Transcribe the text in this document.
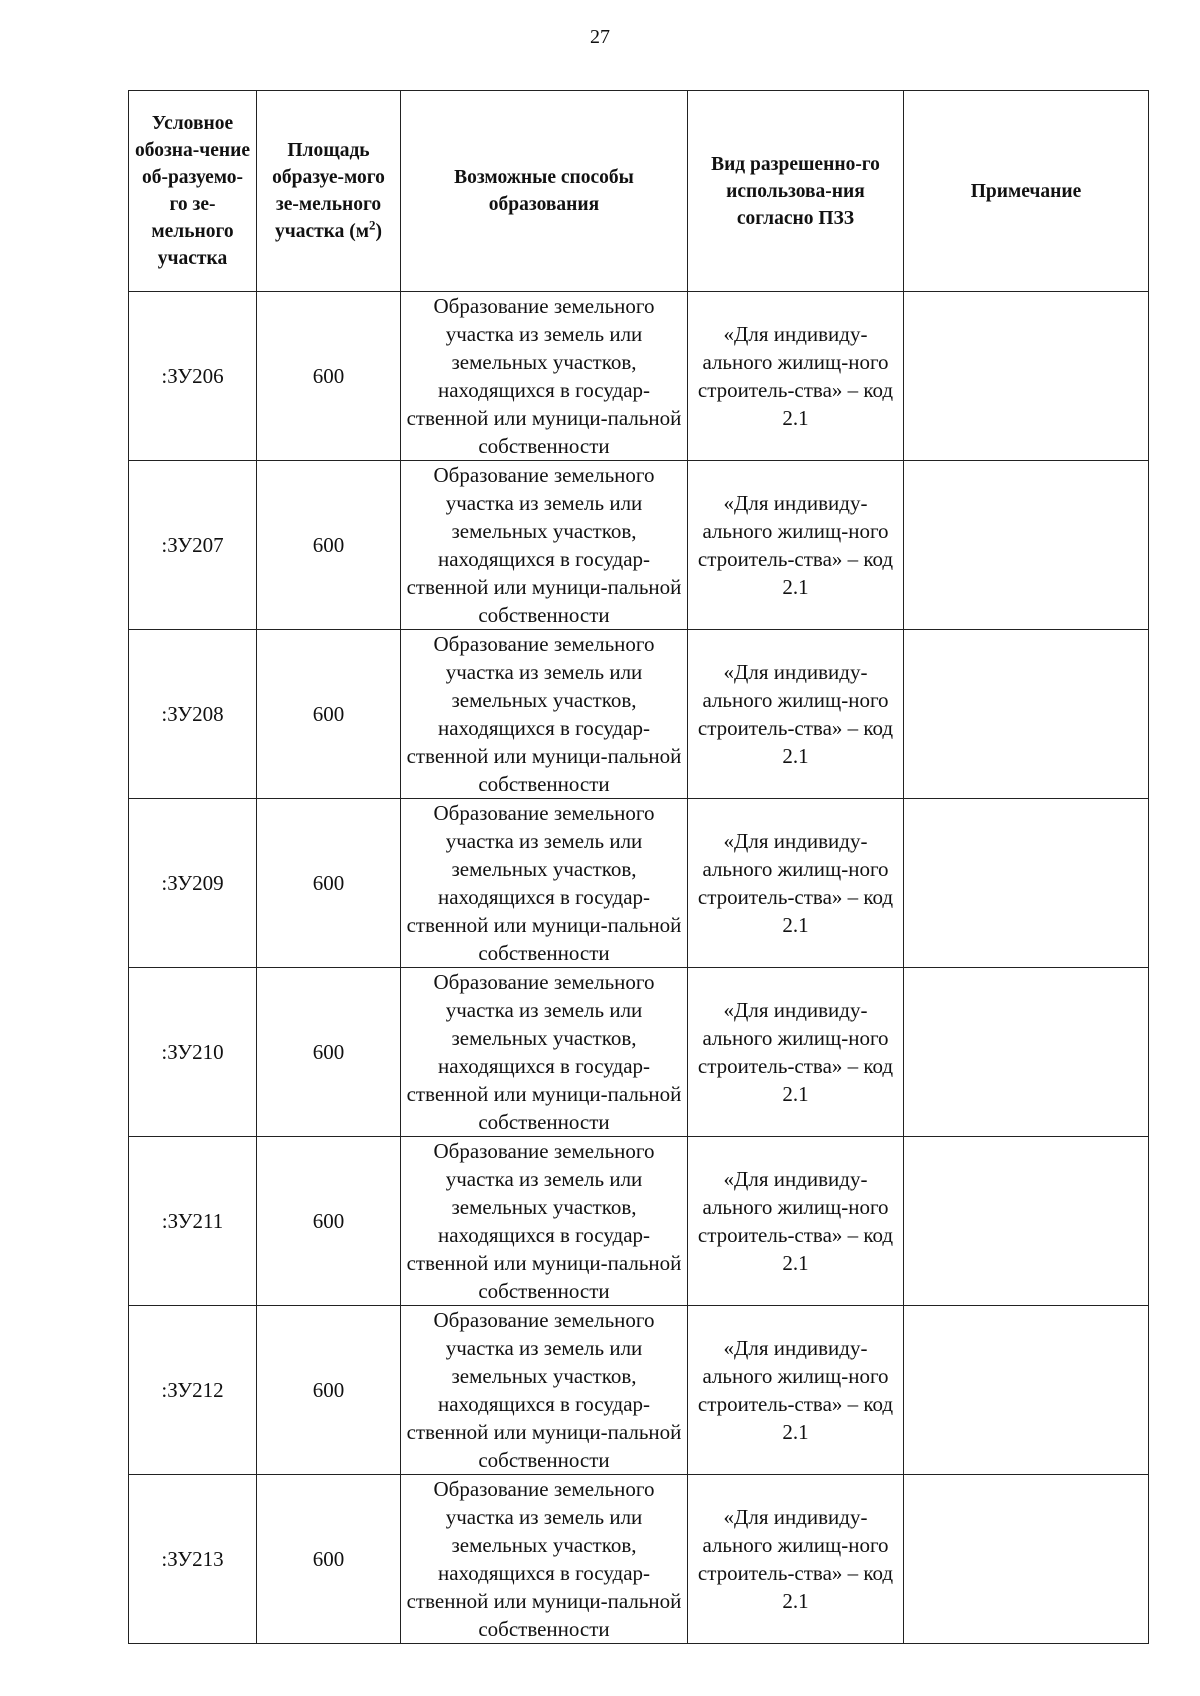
27
Условное обозна-чение об-разуемо-го зе-мельного участка	Площадь образуе-мого зе-мельного участка $(м^2)$	Возможные способы образования	Вид разрешенно-го использова-ния согласно ПЗЗ	Примечание
:ЗУ206	600	Образование земельного участка из земель или земельных участков, находящихся в государ-ственной или муници-пальной собственности	«Для индивиду-ального жилищ-ного строитель-ства» – код 2.1	
:ЗУ207	600	Образование земельного участка из земель или земельных участков, находящихся в государ-ственной или муници-пальной собственности	«Для индивиду-ального жилищ-ного строитель-ства» – код 2.1	
:ЗУ208	600	Образование земельного участка из земель или земельных участков, находящихся в государ-ственной или муници-пальной собственности	«Для индивиду-ального жилищ-ного строитель-ства» – код 2.1	
:ЗУ209	600	Образование земельного участка из земель или земельных участков, находящихся в государ-ственной или муници-пальной собственности	«Для индивиду-ального жилищ-ного строитель-ства» – код 2.1	
:ЗУ210	600	Образование земельного участка из земель или земельных участков, находящихся в государ-ственной или муници-пальной собственности	«Для индивиду-ального жилищ-ного строитель-ства» – код 2.1	
:ЗУ211	600	Образование земельного участка из земель или земельных участков, находящихся в государ-ственной или муници-пальной собственности	«Для индивиду-ального жилищ-ного строитель-ства» – код 2.1	
:ЗУ212	600	Образование земельного участка из земель или земельных участков, находящихся в государ-ственной или муници-пальной собственности	«Для индивиду-ального жилищ-ного строитель-ства» – код 2.1	
:ЗУ213	600	Образование земельного участка из земель или земельных участков, находящихся в государ-ственной или муници-пальной собственности	«Для индивиду-ального жилищ-ного строитель-ства» – код 2.1	
